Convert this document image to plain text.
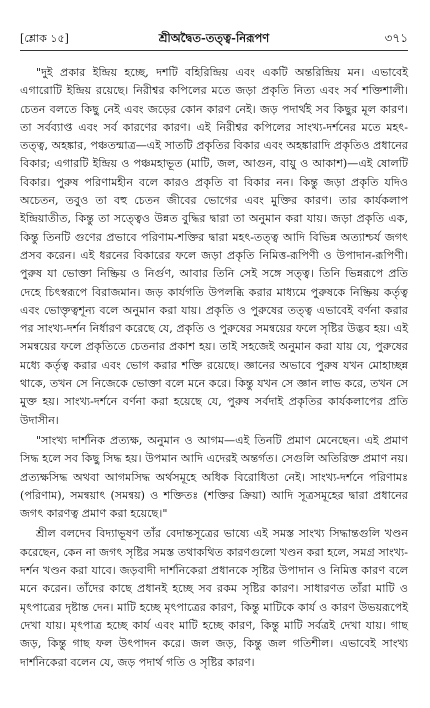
[শ্লোক ১৫]	শ্রীঅদ্বৈত-তত্ত্ব-নিরূপণ	৩৭১

"দুই প্রকার ইন্দ্রিয় হচ্ছে, দশটি বহিরিন্দ্রিয় এবং একটি অন্তরিন্দ্রিয় মন। এভাবেই এগারোটি ইন্দ্রিয় রয়েছে। নিরীশ্বর কপিলের মতে জড়া প্রকৃতি নিত্য এবং সর্ব শক্তিশালী। চেতন বলতে কিছু নেই এবং জড়ের কোন কারণ নেই। জড় পদার্থই সব কিছুর মূল কারণ। তা সর্বব্যাপ্ত এবং সর্ব কারণের কারণ। এই নিরীশ্বর কপিলের সাংখ্য-দর্শনের মতে মহৎ-তত্ত্ব, অহঙ্কার, পঞ্চতন্মাত্র—এই সাতটি প্রকৃতির বিকার এবং অহঙ্কারাদি প্রকৃতিও প্রধানের বিকার; এগারটি ইন্দ্রিয় ও পঞ্চমহাভূত (মাটি, জল, আগুন, বায়ু ও আকাশ)—এই ষোলটি বিকার। পুরুষ পরিণামহীন বলে কারও প্রকৃতি বা বিকার নন। কিন্তু জড়া প্রকৃতি যদিও অচেতন, তবুও তা বহু চেতন জীবের ভোগের এবং মুক্তির কারণ। তার কার্যকলাপ ইন্দ্রিয়াতীত, কিন্তু তা সত্ত্বেও উন্নত বুদ্ধির দ্বারা তা অনুমান করা যায়। জড়া প্রকৃতি এক, কিন্তু তিনটি গুণের প্রভাবে পরিণাম-শক্তির দ্বারা মহৎ-তত্ত্ব আদি বিভিন্ন অত্যাশ্চর্য জগৎ প্রসব করেন। এই ধরনের বিকারের ফলে জড়া প্রকৃতি নিমিত্ত-রূপিণী ও উপাদান-রূপিণী। পুরুষ যা ভোক্তা নিষ্ক্রিয় ও নির্গুণ, আবার তিনি সেই সঙ্গে সত্ত্ব। তিনি ভিন্নরূপে প্রতি দেহে চিৎস্বরূপে বিরাজমান। জড় কার্যগতি উপলব্ধি করার মাধ্যমে পুরুষকে নিষ্ক্রিয় কর্তৃত্ব এবং ভোক্তৃত্বশূন্য বলে অনুমান করা যায়। প্রকৃতি ও পুরুষের তত্ত্ব এভাবেই বর্ণনা করার পর সাংখ্য-দর্শন নির্ধারণ করেছে যে, প্রকৃতি ও পুরুষের সমন্বয়ের ফলে সৃষ্টির উদ্ভব হয়। এই সমন্বয়ের ফলে প্রকৃতিতে চেতনার প্রকাশ হয়। তাই সহজেই অনুমান করা যায় যে, পুরুষের মধ্যে কর্তৃত্ব করার এবং ভোগ করার শক্তি রয়েছে। জ্ঞানের অভাবে পুরুষ যখন মোহাচ্ছন্ন থাকে, তখন সে নিজেকে ভোক্তা বলে মনে করে। কিন্তু যখন সে জ্ঞান লাভ করে, তখন সে মুক্ত হয়। সাংখ্য-দর্শনে বর্ণনা করা হয়েছে যে, পুরুষ সর্বদাই প্রকৃতির কার্যকলাপের প্রতি উদাসীন।

"সাংখ্য দার্শনিক প্রত্যক্ষ, অনুমান ও আগম—এই তিনটি প্রমাণ মেনেছেন। এই প্রমাণ সিদ্ধ হলে সব কিছু সিদ্ধ হয়। উপমান আদি এদেরই অন্তর্গত। সেগুলি অতিরিক্ত প্রমাণ নয়। প্রত্যক্ষসিদ্ধ অথবা আগমসিদ্ধ অর্থসমূহে অধিক বিরোধিতা নেই। সাংখ্য-দর্শনে পরিণামঃ (পরিণাম), সমন্বয়াৎ (সমন্বয়) ও শক্তিতঃ (শক্তির ক্রিয়া) আদি সূত্রসমূহের দ্বারা প্রধানের জগৎ কারণত্ব প্রমাণ করা হয়েছে।"

শ্রীল বলদেব বিদ্যাভূষণ তাঁর বেদান্তসূত্রের ভাষ্যে এই সমস্ত সাংখ্য সিদ্ধান্তগুলি খণ্ডন করেছেন, কেন না জগৎ সৃষ্টির সমস্ত তথাকথিত কারণগুলো খণ্ডন করা হলে, সমগ্র সাংখ্য-দর্শন খণ্ডন করা যাবে। জড়বাদী দার্শনিকেরা প্রধানকে সৃষ্টির উপাদান ও নিমিত্ত কারণ বলে মনে করেন। তাঁদের কাছে প্রধানই হচ্ছে সব রকম সৃষ্টির কারণ। সাধারণত তাঁরা মাটি ও মৃৎপাত্রের দৃষ্টান্ত দেন। মাটি হচ্ছে মৃৎপাত্রের কারণ, কিন্তু মাটিকে কার্য ও কারণ উভয়রূপেই দেখা যায়। মৃৎপাত্র হচ্ছে কার্য এবং মাটি হচ্ছে কারণ, কিন্তু মাটি সর্বত্রই দেখা যায়। গাছ জড়, কিন্তু গাছ ফল উৎপাদন করে। জল জড়, কিন্তু জল গতিশীল। এভাবেই সাংখ্য দার্শনিকেরা বলেন যে, জড় পদার্থ গতি ও সৃষ্টির কারণ।
